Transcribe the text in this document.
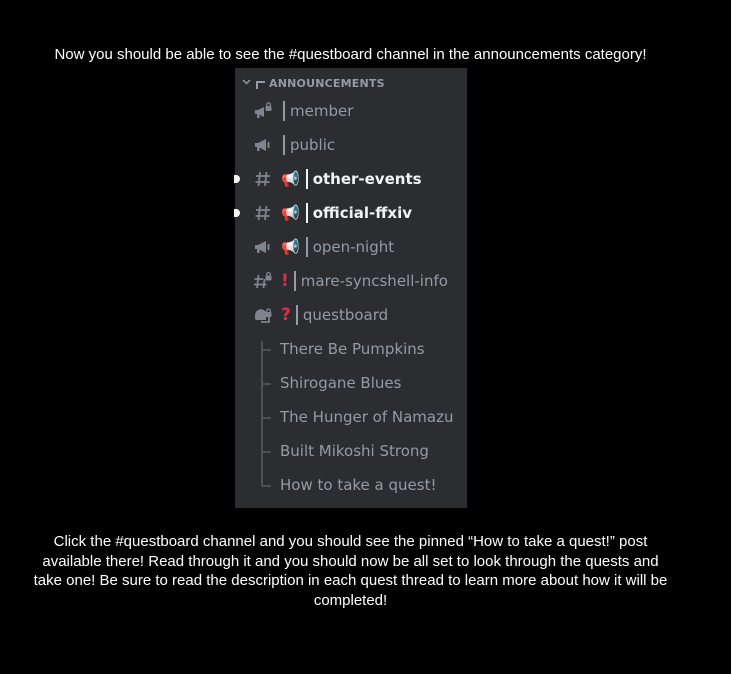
Now you should be able to see the #questboard channel in the announcements category!
ANNOUNCEMENTS
member
public
📢 other-events
📢 official-ffxiv
📢 open-night
! mare-syncshell-info
? questboard
There Be Pumpkins
Shirogane Blues
The Hunger of Namazu
Built Mikoshi Strong
How to take a quest!
Click the #questboard channel and you should see the pinned “How to take a quest!” post available there! Read through it and you should now be all set to look through the quests and take one! Be sure to read the description in each quest thread to learn more about how it will be completed!
